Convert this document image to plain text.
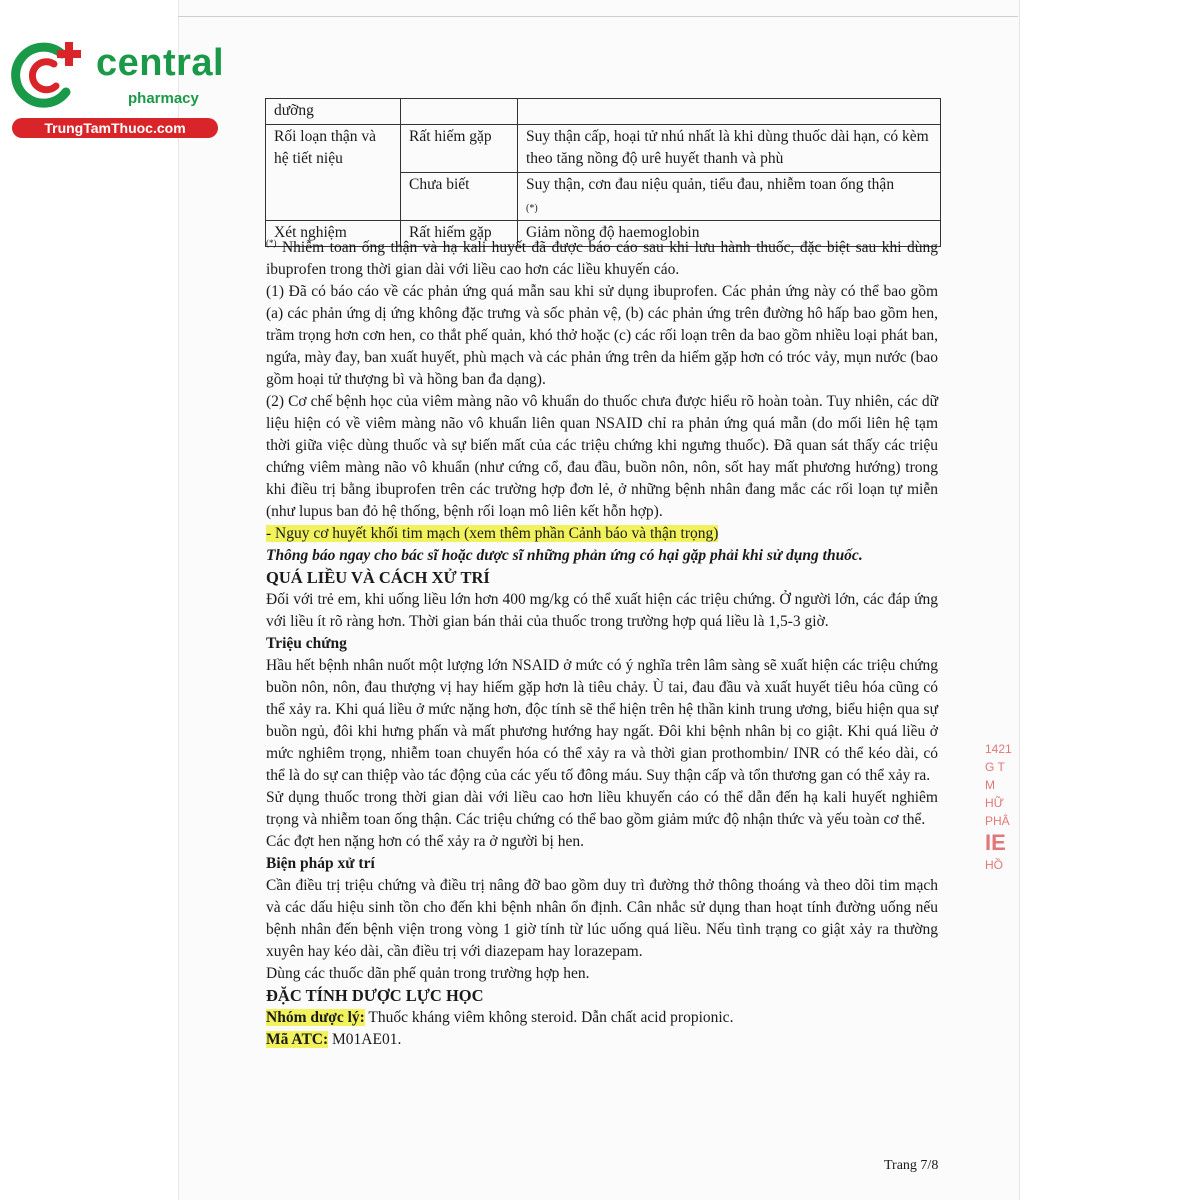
central
pharmacy
TrungTamThuoc.com
dưỡng		
Rối loạn thận và hệ tiết niệu	Rất hiếm gặp	Suy thận cấp, hoại tử nhú nhất là khi dùng thuốc dài hạn, có kèm theo tăng nồng độ urê huyết thanh và phù
	Chưa biết	Suy thận, cơn đau niệu quản, tiểu đau, nhiễm toan ống thận
(*)
Xét nghiệm	Rất hiếm gặp	Giảm nồng độ haemoglobin

(*) Nhiễm toan ống thận và hạ kali huyết đã được báo cáo sau khi lưu hành thuốc, đặc biệt sau khi dùng ibuprofen trong thời gian dài với liều cao hơn các liều khuyến cáo.

(1) Đã có báo cáo về các phản ứng quá mẫn sau khi sử dụng ibuprofen. Các phản ứng này có thể bao gồm (a) các phản ứng dị ứng không đặc trưng và sốc phản vệ, (b) các phản ứng trên đường hô hấp bao gồm hen, trầm trọng hơn cơn hen, co thắt phế quản, khó thở hoặc (c) các rối loạn trên da bao gồm nhiều loại phát ban, ngứa, mày đay, ban xuất huyết, phù mạch và các phản ứng trên da hiếm gặp hơn có tróc vảy, mụn nước (bao gồm hoại tử thượng bì và hồng ban đa dạng).

(2) Cơ chế bệnh học của viêm màng não vô khuẩn do thuốc chưa được hiểu rõ hoàn toàn. Tuy nhiên, các dữ liệu hiện có về viêm màng não vô khuẩn liên quan NSAID chỉ ra phản ứng quá mẫn (do mối liên hệ tạm thời giữa việc dùng thuốc và sự biến mất của các triệu chứng khi ngưng thuốc). Đã quan sát thấy các triệu chứng viêm màng não vô khuẩn (như cứng cổ, đau đầu, buồn nôn, nôn, sốt hay mất phương hướng) trong khi điều trị bằng ibuprofen trên các trường hợp đơn lẻ, ở những bệnh nhân đang mắc các rối loạn tự miễn (như lupus ban đỏ hệ thống, bệnh rối loạn mô liên kết hỗn hợp).

- Nguy cơ huyết khối tim mạch (xem thêm phần Cảnh báo và thận trọng)

Thông báo ngay cho bác sĩ hoặc dược sĩ những phản ứng có hại gặp phải khi sử dụng thuốc.

QUÁ LIỀU VÀ CÁCH XỬ TRÍ

Đối với trẻ em, khi uống liều lớn hơn 400 mg/kg có thể xuất hiện các triệu chứng. Ở người lớn, các đáp ứng với liều ít rõ ràng hơn. Thời gian bán thải của thuốc trong trường hợp quá liều là 1,5-3 giờ.

Triệu chứng

Hầu hết bệnh nhân nuốt một lượng lớn NSAID ở mức có ý nghĩa trên lâm sàng sẽ xuất hiện các triệu chứng buồn nôn, nôn, đau thượng vị hay hiếm gặp hơn là tiêu chảy. Ù tai, đau đầu và xuất huyết tiêu hóa cũng có thể xảy ra. Khi quá liều ở mức nặng hơn, độc tính sẽ thể hiện trên hệ thần kinh trung ương, biểu hiện qua sự buồn ngủ, đôi khi hưng phấn và mất phương hướng hay ngất. Đôi khi bệnh nhân bị co giật. Khi quá liều ở mức nghiêm trọng, nhiễm toan chuyển hóa có thể xảy ra và thời gian prothombin/ INR có thể kéo dài, có thể là do sự can thiệp vào tác động của các yếu tố đông máu. Suy thận cấp và tổn thương gan có thể xảy ra.

Sử dụng thuốc trong thời gian dài với liều cao hơn liều khuyến cáo có thể dẫn đến hạ kali huyết nghiêm trọng và nhiễm toan ống thận. Các triệu chứng có thể bao gồm giảm mức độ nhận thức và yếu toàn cơ thể.

Các đợt hen nặng hơn có thể xảy ra ở người bị hen.

Biện pháp xử trí

Cần điều trị triệu chứng và điều trị nâng đỡ bao gồm duy trì đường thở thông thoáng và theo dõi tim mạch và các dấu hiệu sinh tồn cho đến khi bệnh nhân ổn định. Cân nhắc sử dụng than hoạt tính đường uống nếu bệnh nhân đến bệnh viện trong vòng 1 giờ tính từ lúc uống quá liều. Nếu tình trạng co giật xảy ra thường xuyên hay kéo dài, cần điều trị với diazepam hay lorazepam.

Dùng các thuốc dãn phế quản trong trường hợp hen.

ĐẶC TÍNH DƯỢC LỰC HỌC

Nhóm dược lý: Thuốc kháng viêm không steroid. Dẫn chất acid propionic.

Mã ATC: M01AE01.

1421
G T
M HỮ
PHÂ
IE
HỒ
Trang 7/8
